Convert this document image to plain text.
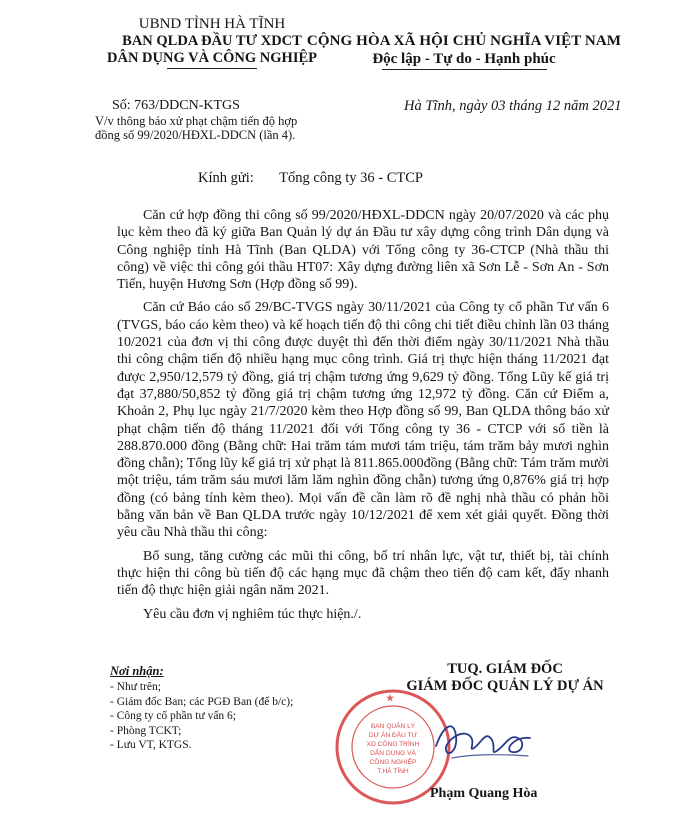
UBND TỈNH HÀ TĨNH
BAN QLDA ĐẦU TƯ XDCT
DÂN DỤNG VÀ CÔNG NGHIỆP
CỘNG HÒA XÃ HỘI CHỦ NGHĨA VIỆT NAM
Độc lập - Tự do - Hạnh phúc
Số: 763/DDCN-KTGS
V/v thông báo xử phạt chậm tiến độ hợp
đồng số 99/2020/HĐXL-DDCN (lần 4).
Hà Tĩnh, ngày 03 tháng 12 năm 2021
Kính gửi: Tổng công ty 36 - CTCP

Căn cứ hợp đồng thi công số 99/2020/HĐXL-DDCN ngày 20/07/2020 và các phụ lục kèm theo đã ký giữa Ban Quản lý dự án Đầu tư xây dựng công trình Dân dụng và Công nghiệp tỉnh Hà Tĩnh (Ban QLDA) với Tổng công ty 36-CTCP (Nhà thầu thi công) về việc thi công gói thầu HT07: Xây dựng đường liên xã Sơn Lễ - Sơn An - Sơn Tiến, huyện Hương Sơn (Hợp đồng số 99).

Căn cứ Báo cáo số 29/BC-TVGS ngày 30/11/2021 của Công ty cổ phần Tư vấn 6 (TVGS, báo cáo kèm theo) và kế hoạch tiến độ thi công chi tiết điều chỉnh lần 03 tháng 10/2021 của đơn vị thi công được duyệt thì đến thời điểm ngày 30/11/2021 Nhà thầu thi công chậm tiến độ nhiều hạng mục công trình. Giá trị thực hiện tháng 11/2021 đạt được 2,950/12,579 tỷ đồng, giá trị chậm tương ứng 9,629 tỷ đồng. Tổng Lũy kế giá trị đạt 37,880/50,852 tỷ đồng giá trị chậm tương ứng 12,972 tỷ đồng. Căn cứ Điểm a, Khoản 2, Phụ lục ngày 21/7/2020 kèm theo Hợp đồng số 99, Ban QLDA thông báo xử phạt chậm tiến độ tháng 11/2021 đối với Tổng công ty 36 - CTCP với số tiền là 288.870.000 đồng (Bằng chữ: Hai trăm tám mươi tám triệu, tám trăm bảy mươi nghìn đồng chẵn); Tổng lũy kế giá trị xử phạt là 811.865.000đồng (Bằng chữ: Tám trăm mười một triệu, tám trăm sáu mươi lăm lăm nghìn đồng chẵn) tương ứng 0,876% giá trị hợp đồng (có bảng tính kèm theo). Mọi vấn đề cần làm rõ đề nghị nhà thầu có phản hồi bằng văn bản về Ban QLDA trước ngày 10/12/2021 để xem xét giải quyết. Đồng thời yêu cầu Nhà thầu thi công:

Bổ sung, tăng cường các mũi thi công, bố trí nhân lực, vật tư, thiết bị, tài chính thực hiện thi công bù tiến độ các hạng mục đã chậm theo tiến độ cam kết, đẩy nhanh tiến độ thực hiện giải ngân năm 2021.

Yêu cầu đơn vị nghiêm túc thực hiện./.

Nơi nhận:
- Như trên;
- Giám đốc Ban; các PGĐ Ban (để b/c);
- Công ty cổ phần tư vấn 6;
- Phòng TCKT;
- Lưu VT, KTGS.
TUQ. GIÁM ĐỐC
GIÁM ĐỐC QUẢN LÝ DỰ ÁN
BAN QUẢN LÝ
DỰ ÁN ĐẦU TƯ
XD CÔNG TRÌNH
DÂN DỤNG VÀ
CÔNG NGHIỆP
T.HÀ TĨNH
★
Phạm Quang Hòa
